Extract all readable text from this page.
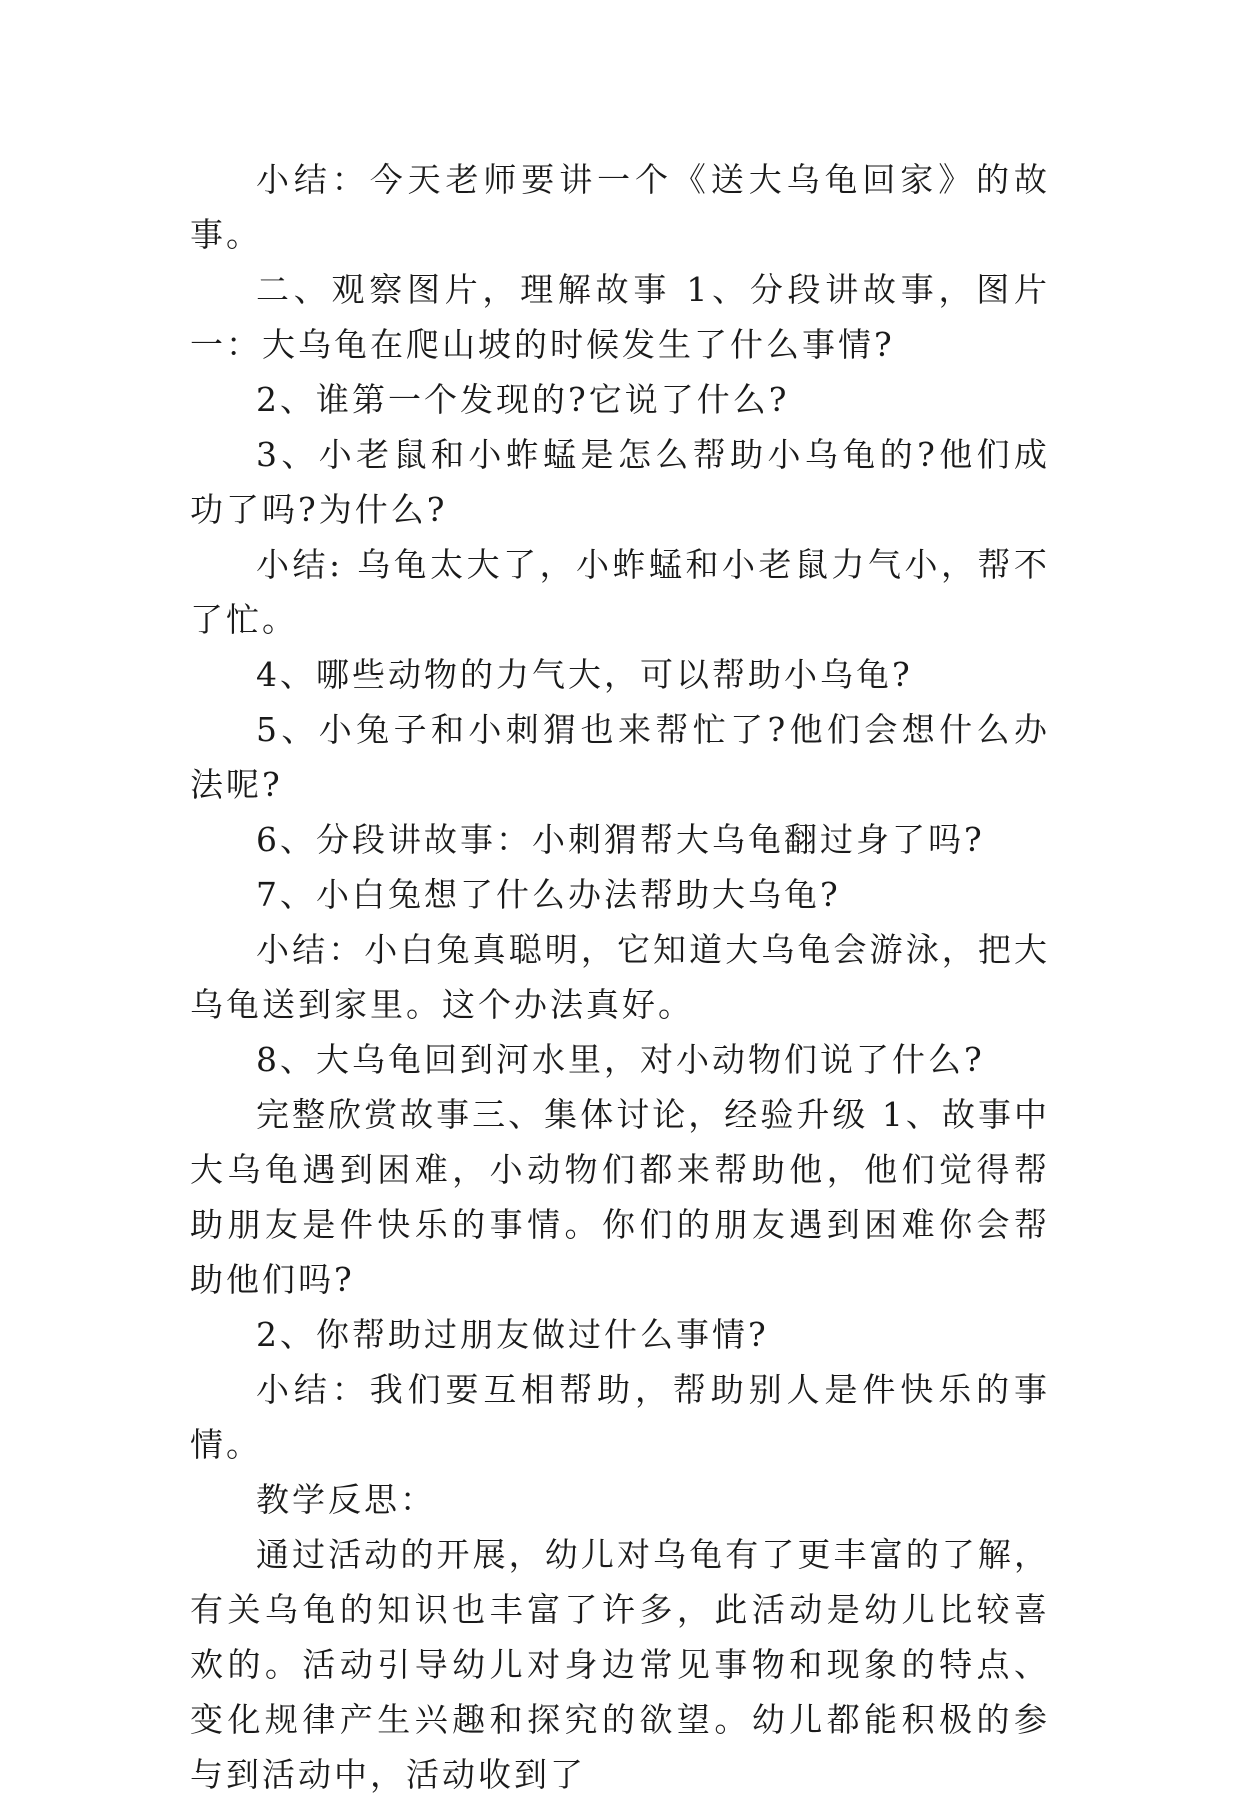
小结：今天老师要讲一个《送大乌龟回家》的故事。

二、观察图片，理解故事 1、分段讲故事，图片一：大乌龟在爬山坡的时候发生了什么事情?

2、谁第一个发现的?它说了什么?

3、小老鼠和小蚱蜢是怎么帮助小乌龟的?他们成功了吗?为什么?

小结: 乌龟太大了，小蚱蜢和小老鼠力气小，帮不了忙。

4、哪些动物的力气大，可以帮助小乌龟?

5、小兔子和小刺猬也来帮忙了?他们会想什么办法呢?

6、分段讲故事：小刺猬帮大乌龟翻过身了吗?

7、小白兔想了什么办法帮助大乌龟?

小结：小白兔真聪明，它知道大乌龟会游泳，把大乌龟送到家里。这个办法真好。

8、大乌龟回到河水里，对小动物们说了什么?

完整欣赏故事三、集体讨论，经验升级 1、故事中大乌龟遇到困难，小动物们都来帮助他，他们觉得帮助朋友是件快乐的事情。你们的朋友遇到困难你会帮助他们吗?

2、你帮助过朋友做过什么事情?

小结：我们要互相帮助，帮助别人是件快乐的事情。

教学反思：

通过活动的开展，幼儿对乌龟有了更丰富的了解，有关乌龟的知识也丰富了许多，此活动是幼儿比较喜欢的。活动引导幼儿对身边常见事物和现象的特点、变化规律产生兴趣和探究的欲望。幼儿都能积极的参与到活动中，活动收到了
